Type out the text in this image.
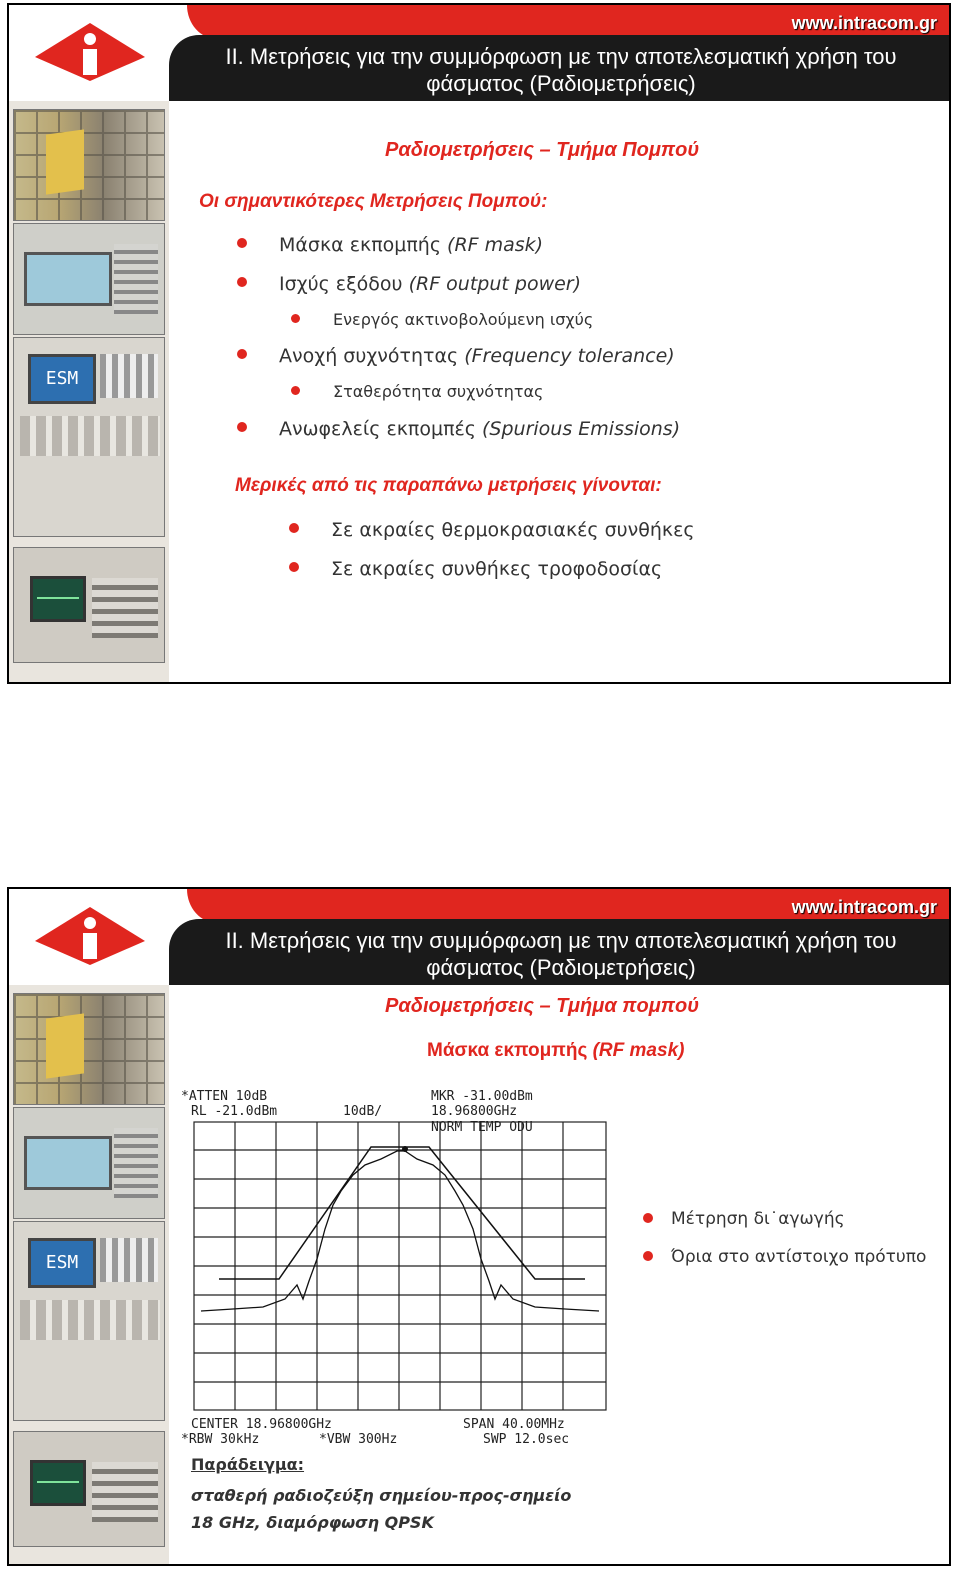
www.intracom.gr
ΙΙ. Μετρήσεις για την συμμόρφωση με την αποτελεσματική χρήση του
φάσματος (Ραδιομετρήσεις)
ESM
Ραδιομετρήσεις – Τμήμα Πομπού
Οι σημαντικότερες Μετρήσεις Πομπού:
Μάσκα εκπομπής (RF mask)
Ισχύς εξόδου (RF output power)
Ενεργός ακτινοβολούμενη ισχύς
Ανοχή συχνότητας (Frequency tolerance)
Σταθερότητα συχνότητας
Ανωφελείς εκπομπές (Spurious Emissions)
Μερικές από τις παραπάνω μετρήσεις γίνονται:
Σε ακραίες θερμοκρασιακές συνθήκες
Σε ακραίες συνθήκες τροφοδοσίας
www.intracom.gr
ΙΙ. Μετρήσεις για την συμμόρφωση με την αποτελεσματική χρήση του
φάσματος (Ραδιομετρήσεις)
ESM
Ραδιομετρήσεις – Τμήμα πομπού
Μάσκα εκπομπής (RF mask)
*ATTEN 10dB
RL -21.0dBm	10dB/
MKR -31.00dBm
18.96800GHz
NORM TEMP ODU
CENTER 18.96800GHz	SPAN 40.00MHz
*RBW 30kHz	*VBW 300Hz	SWP 12.0sec
Μέτρηση δι˙αγωγής
Όρια στο αντίστοιχο πρότυπο
Παράδειγμα:
σταθερή ραδιοζεύξη σημείου-προς-σημείο
18 GHz, διαμόρφωση QPSK
